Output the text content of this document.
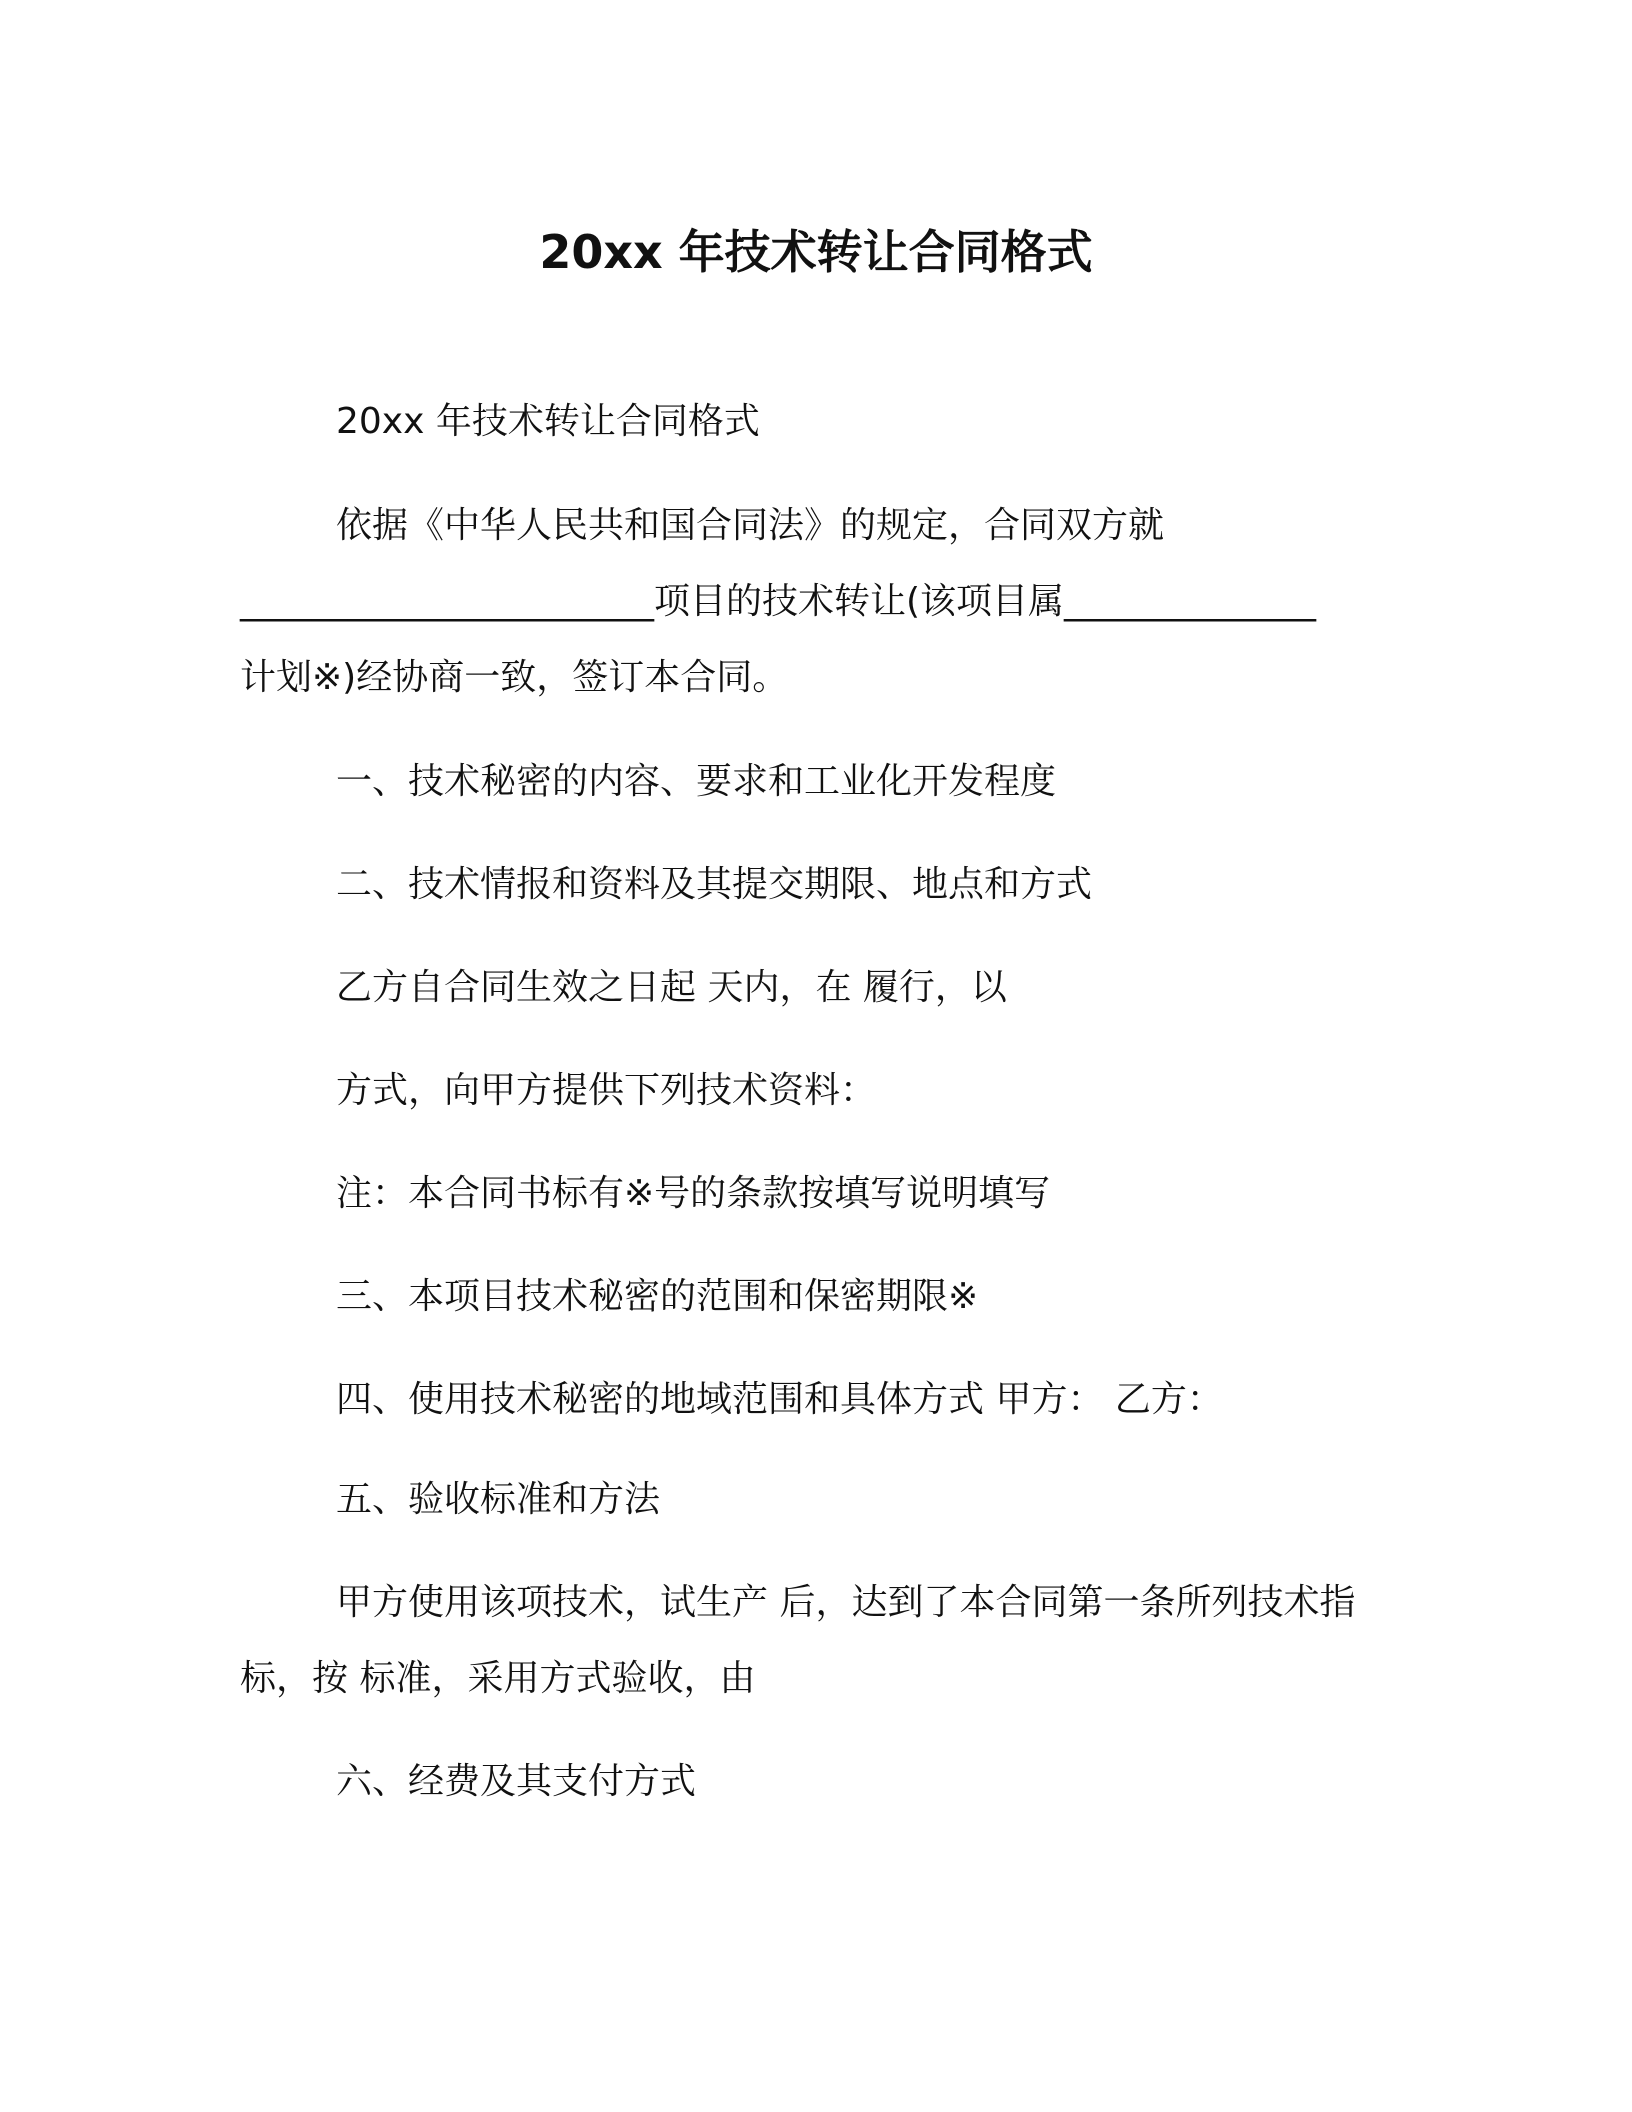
20xx 年技术转让合同格式

20xx 年技术转让合同格式

依据《中华人民共和国合同法》的规定，合同双方就

_______________________项目的技术转让(该项目属______________

计划※)经协商一致，签订本合同。

一、技术秘密的内容、要求和工业化开发程度

二、技术情报和资料及其提交期限、地点和方式

乙方自合同生效之日起 天内，在 履行，以

方式，向甲方提供下列技术资料：

注：本合同书标有※号的条款按填写说明填写

三、本项目技术秘密的范围和保密期限※

四、使用技术秘密的地域范围和具体方式 甲方： 乙方：

五、验收标准和方法

甲方使用该项技术，试生产 后，达到了本合同第一条所列技术指

标，按 标准，采用方式验收，由

六、经费及其支付方式
